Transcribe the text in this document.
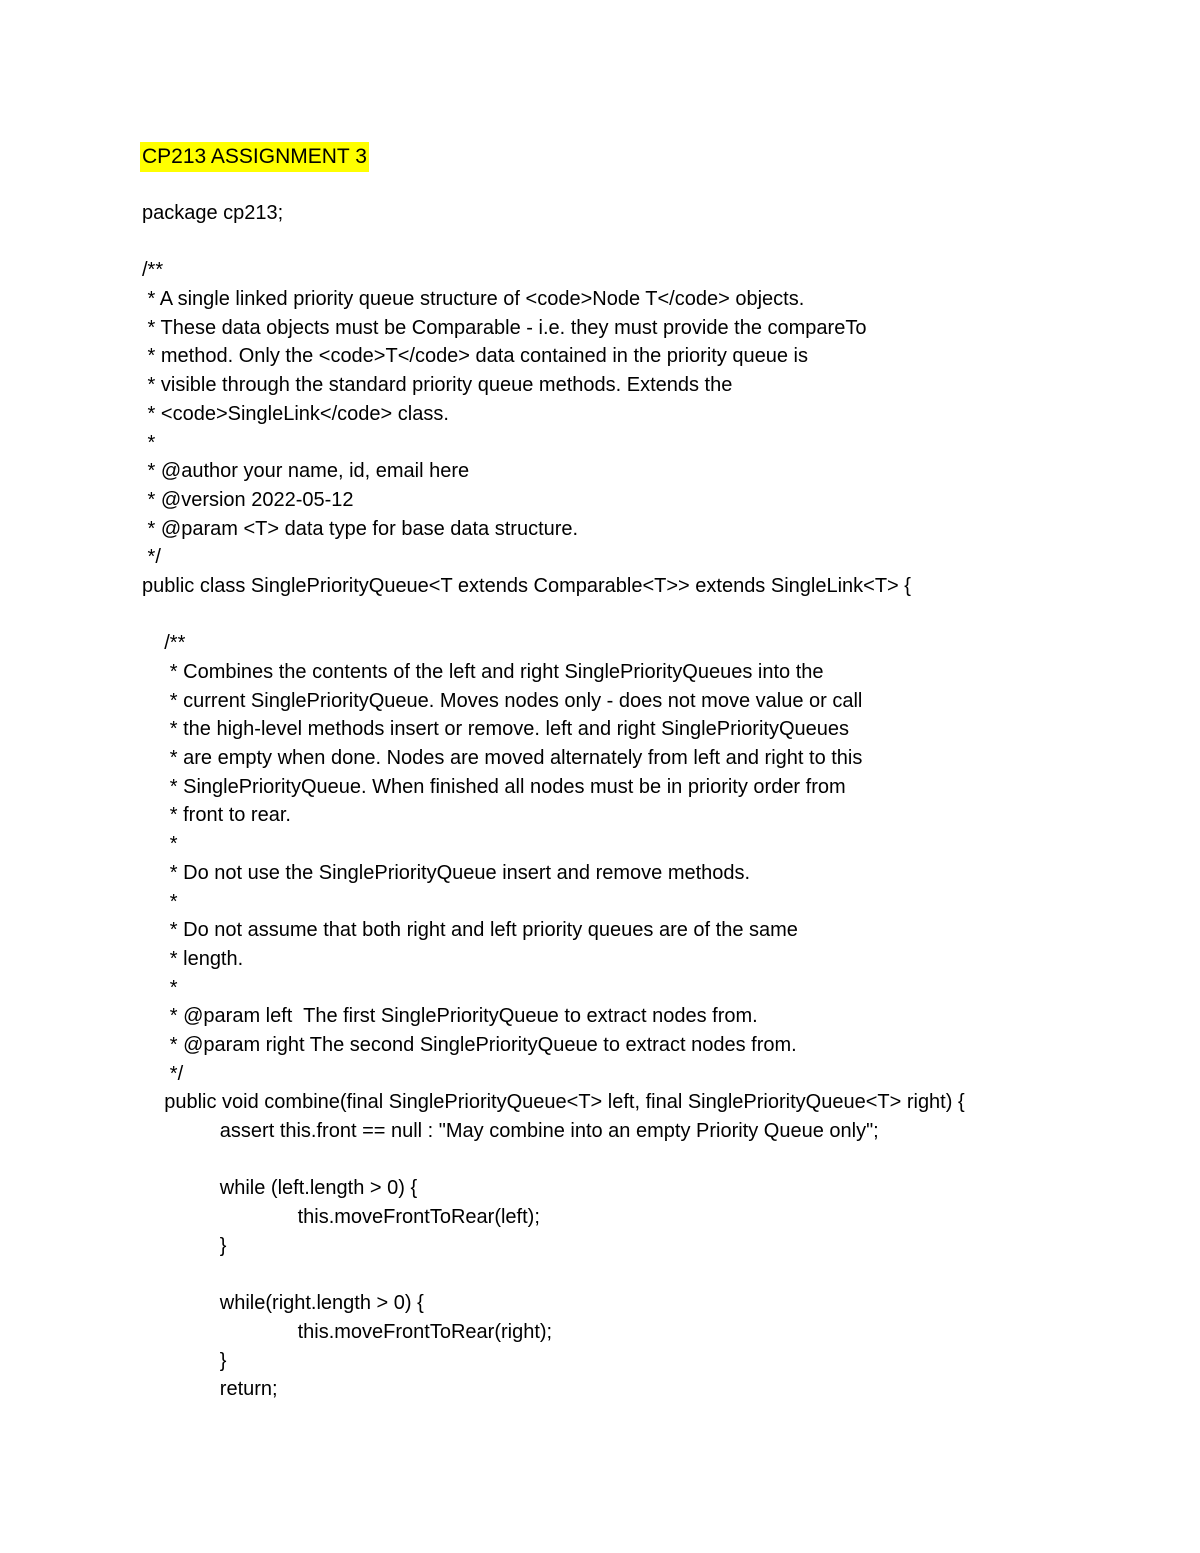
CP213 ASSIGNMENT 3
package cp213;
/**
* A single linked priority queue structure of <code>Node T</code> objects.
* These data objects must be Comparable - i.e. they must provide the compareTo
* method. Only the <code>T</code> data contained in the priority queue is
* visible through the standard priority queue methods. Extends the
* <code>SingleLink</code> class.
*
* @author your name, id, email here
* @version 2022-05-12
* @param <T> data type for base data structure.
*/
public class SinglePriorityQueue<T extends Comparable<T>> extends SingleLink<T> {
/**
* Combines the contents of the left and right SinglePriorityQueues into the
* current SinglePriorityQueue. Moves nodes only - does not move value or call
* the high-level methods insert or remove. left and right SinglePriorityQueues
* are empty when done. Nodes are moved alternately from left and right to this
* SinglePriorityQueue. When finished all nodes must be in priority order from
* front to rear.
*
* Do not use the SinglePriorityQueue insert and remove methods.
*
* Do not assume that both right and left priority queues are of the same
* length.
*
* @param left  The first SinglePriorityQueue to extract nodes from.
* @param right The second SinglePriorityQueue to extract nodes from.
*/
public void combine(final SinglePriorityQueue<T> left, final SinglePriorityQueue<T> right) {
assert this.front == null : "May combine into an empty Priority Queue only";
while (left.length > 0) {
this.moveFrontToRear(left);
}
while(right.length > 0) {
this.moveFrontToRear(right);
}
return;
